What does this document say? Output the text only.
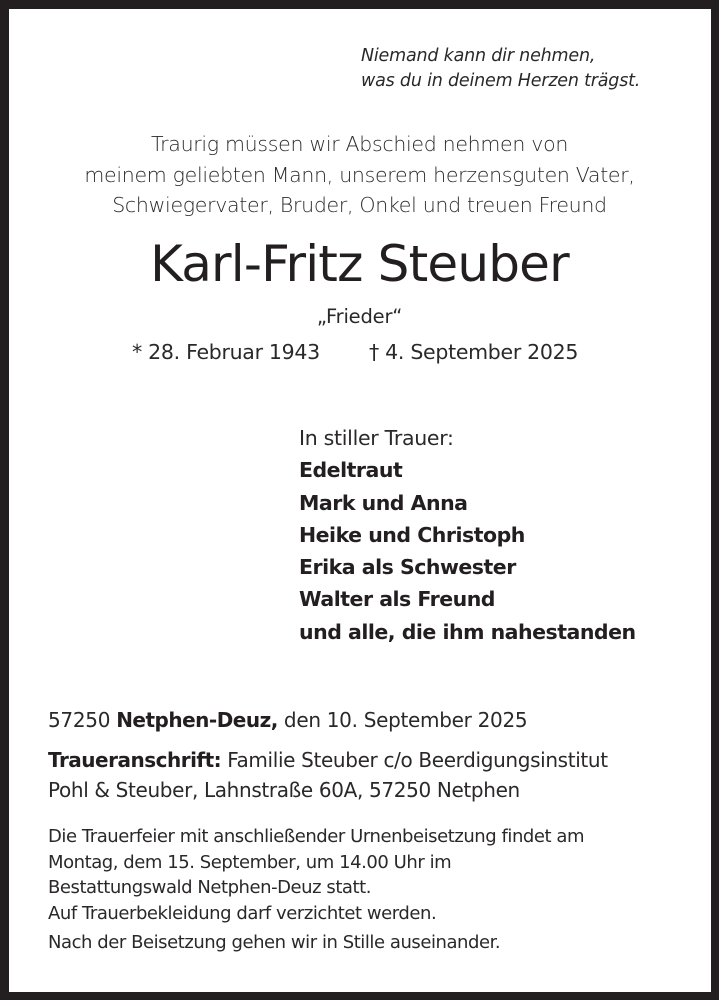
Niemand kann dir nehmen,
was du in deinem Herzen trägst.
Traurig müssen wir Abschied nehmen von
meinem geliebten Mann, unserem herzensguten Vater,
Schwiegervater, Bruder, Onkel und treuen Freund
Karl-Fritz Steuber
„Frieder“
* 28. Februar 1943 † 4. September 2025
In stiller Trauer:
Edeltraut
Mark und Anna
Heike und Christoph
Erika als Schwester
Walter als Freund
und alle, die ihm nahestanden
57250 Netphen-Deuz, den 10. September 2025
Traueranschrift: Familie Steuber c/o Beerdigungsinstitut
Pohl & Steuber, Lahnstraße 60A, 57250 Netphen
Die Trauerfeier mit anschließender Urnenbeisetzung findet am
Montag, dem 15. September, um 14.00 Uhr im
Bestattungswald Netphen-Deuz statt.
Auf Trauerbekleidung darf verzichtet werden.
Nach der Beisetzung gehen wir in Stille auseinander.
